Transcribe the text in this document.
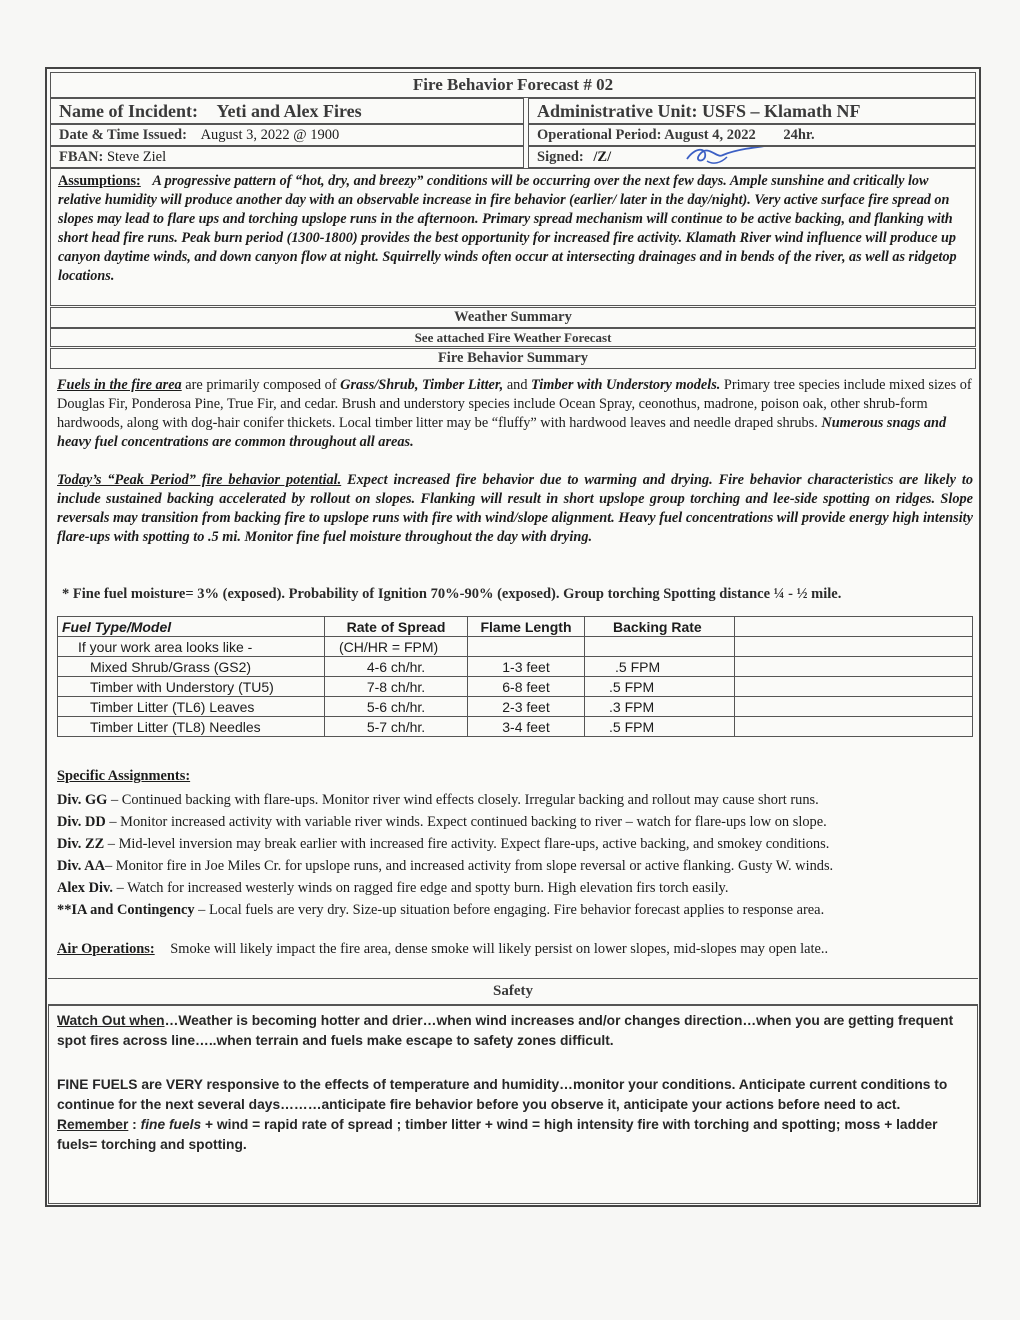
Fire Behavior Forecast # 02
Name of Incident: Yeti and Alex Fires	Administrative Unit: USFS – Klamath NF
Date & Time Issued: August 3, 2022 @ 1900	Operational Period: August 4, 2022 24hr.
FBAN: Steve Ziel	Signed: /Z/
Assumptions: A progressive pattern of “hot, dry, and breezy” conditions will be occurring over the next few days. Ample sunshine and critically low relative humidity will produce another day with an observable increase in fire behavior (earlier/ later in the day/night). Very active surface fire spread on slopes may lead to flare ups and torching upslope runs in the afternoon. Primary spread mechanism will continue to be active backing, and flanking with short head fire runs. Peak burn period (1300-1800) provides the best opportunity for increased fire activity. Klamath River wind influence will produce up canyon daytime winds, and down canyon flow at night. Squirrelly winds often occur at intersecting drainages and in bends of the river, as well as ridgetop locations.
Weather Summary
See attached Fire Weather Forecast
Fire Behavior Summary
Fuels in the fire area are primarily composed of Grass/Shrub, Timber Litter, and Timber with Understory models. Primary tree species include mixed sizes of Douglas Fir, Ponderosa Pine, True Fir, and cedar. Brush and understory species include Ocean Spray, ceonothus, madrone, poison oak, other shrub-form hardwoods, along with dog-hair conifer thickets. Local timber litter may be “fluffy” with hardwood leaves and needle draped shrubs. Numerous snags and heavy fuel concentrations are common throughout all areas.
Today’s “Peak Period” fire behavior potential. Expect increased fire behavior due to warming and drying. Fire behavior characteristics are likely to include sustained backing accelerated by rollout on slopes. Flanking will result in short upslope group torching and lee-side spotting on ridges. Slope reversals may transition from backing fire to upslope runs with fire with wind/slope alignment. Heavy fuel concentrations will provide energy high intensity flare-ups with spotting to .5 mi. Monitor fine fuel moisture throughout the day with drying.
* Fine fuel moisture= 3% (exposed). Probability of Ignition 70%-90% (exposed). Group torching Spotting distance ¼ - ½ mile.
Fuel Type/Model	Rate of Spread	Flame Length	Backing Rate	
If your work area looks like -	(CH/HR = FPM)			
Mixed Shrub/Grass (GS2)	4-6 ch/hr.	1-3 feet	.5 FPM	
Timber with Understory (TU5)	7-8 ch/hr.	6-8 feet	.5 FPM	
Timber Litter (TL6) Leaves	5-6 ch/hr.	2-3 feet	.3 FPM	
Timber Litter (TL8) Needles	5-7 ch/hr.	3-4 feet	.5 FPM	

Specific Assignments:

Div. GG – Continued backing with flare-ups. Monitor river wind effects closely. Irregular backing and rollout may cause short runs.

Div. DD – Monitor increased activity with variable river winds. Expect continued backing to river – watch for flare-ups low on slope.

Div. ZZ – Mid-level inversion may break earlier with increased fire activity. Expect flare-ups, active backing, and smokey conditions.

Div. AA– Monitor fire in Joe Miles Cr. for upslope runs, and increased activity from slope reversal or active flanking. Gusty W. winds.

Alex Div. – Watch for increased westerly winds on ragged fire edge and spotty burn. High elevation firs torch easily.

**IA and Contingency – Local fuels are very dry. Size-up situation before engaging. Fire behavior forecast applies to response area.

Air Operations: Smoke will likely impact the fire area, dense smoke will likely persist on lower slopes, mid-slopes may open late..
Safety
Watch Out when…Weather is becoming hotter and drier…when wind increases and/or changes direction…when you are getting frequent spot fires across line…..when terrain and fuels make escape to safety zones difficult.
FINE FUELS are VERY responsive to the effects of temperature and humidity…monitor your conditions. Anticipate current conditions to continue for the next several days………anticipate fire behavior before you observe it, anticipate your actions before need to act.
Remember : fine fuels + wind = rapid rate of spread ; timber litter + wind = high intensity fire with torching and spotting; moss + ladder fuels= torching and spotting.
